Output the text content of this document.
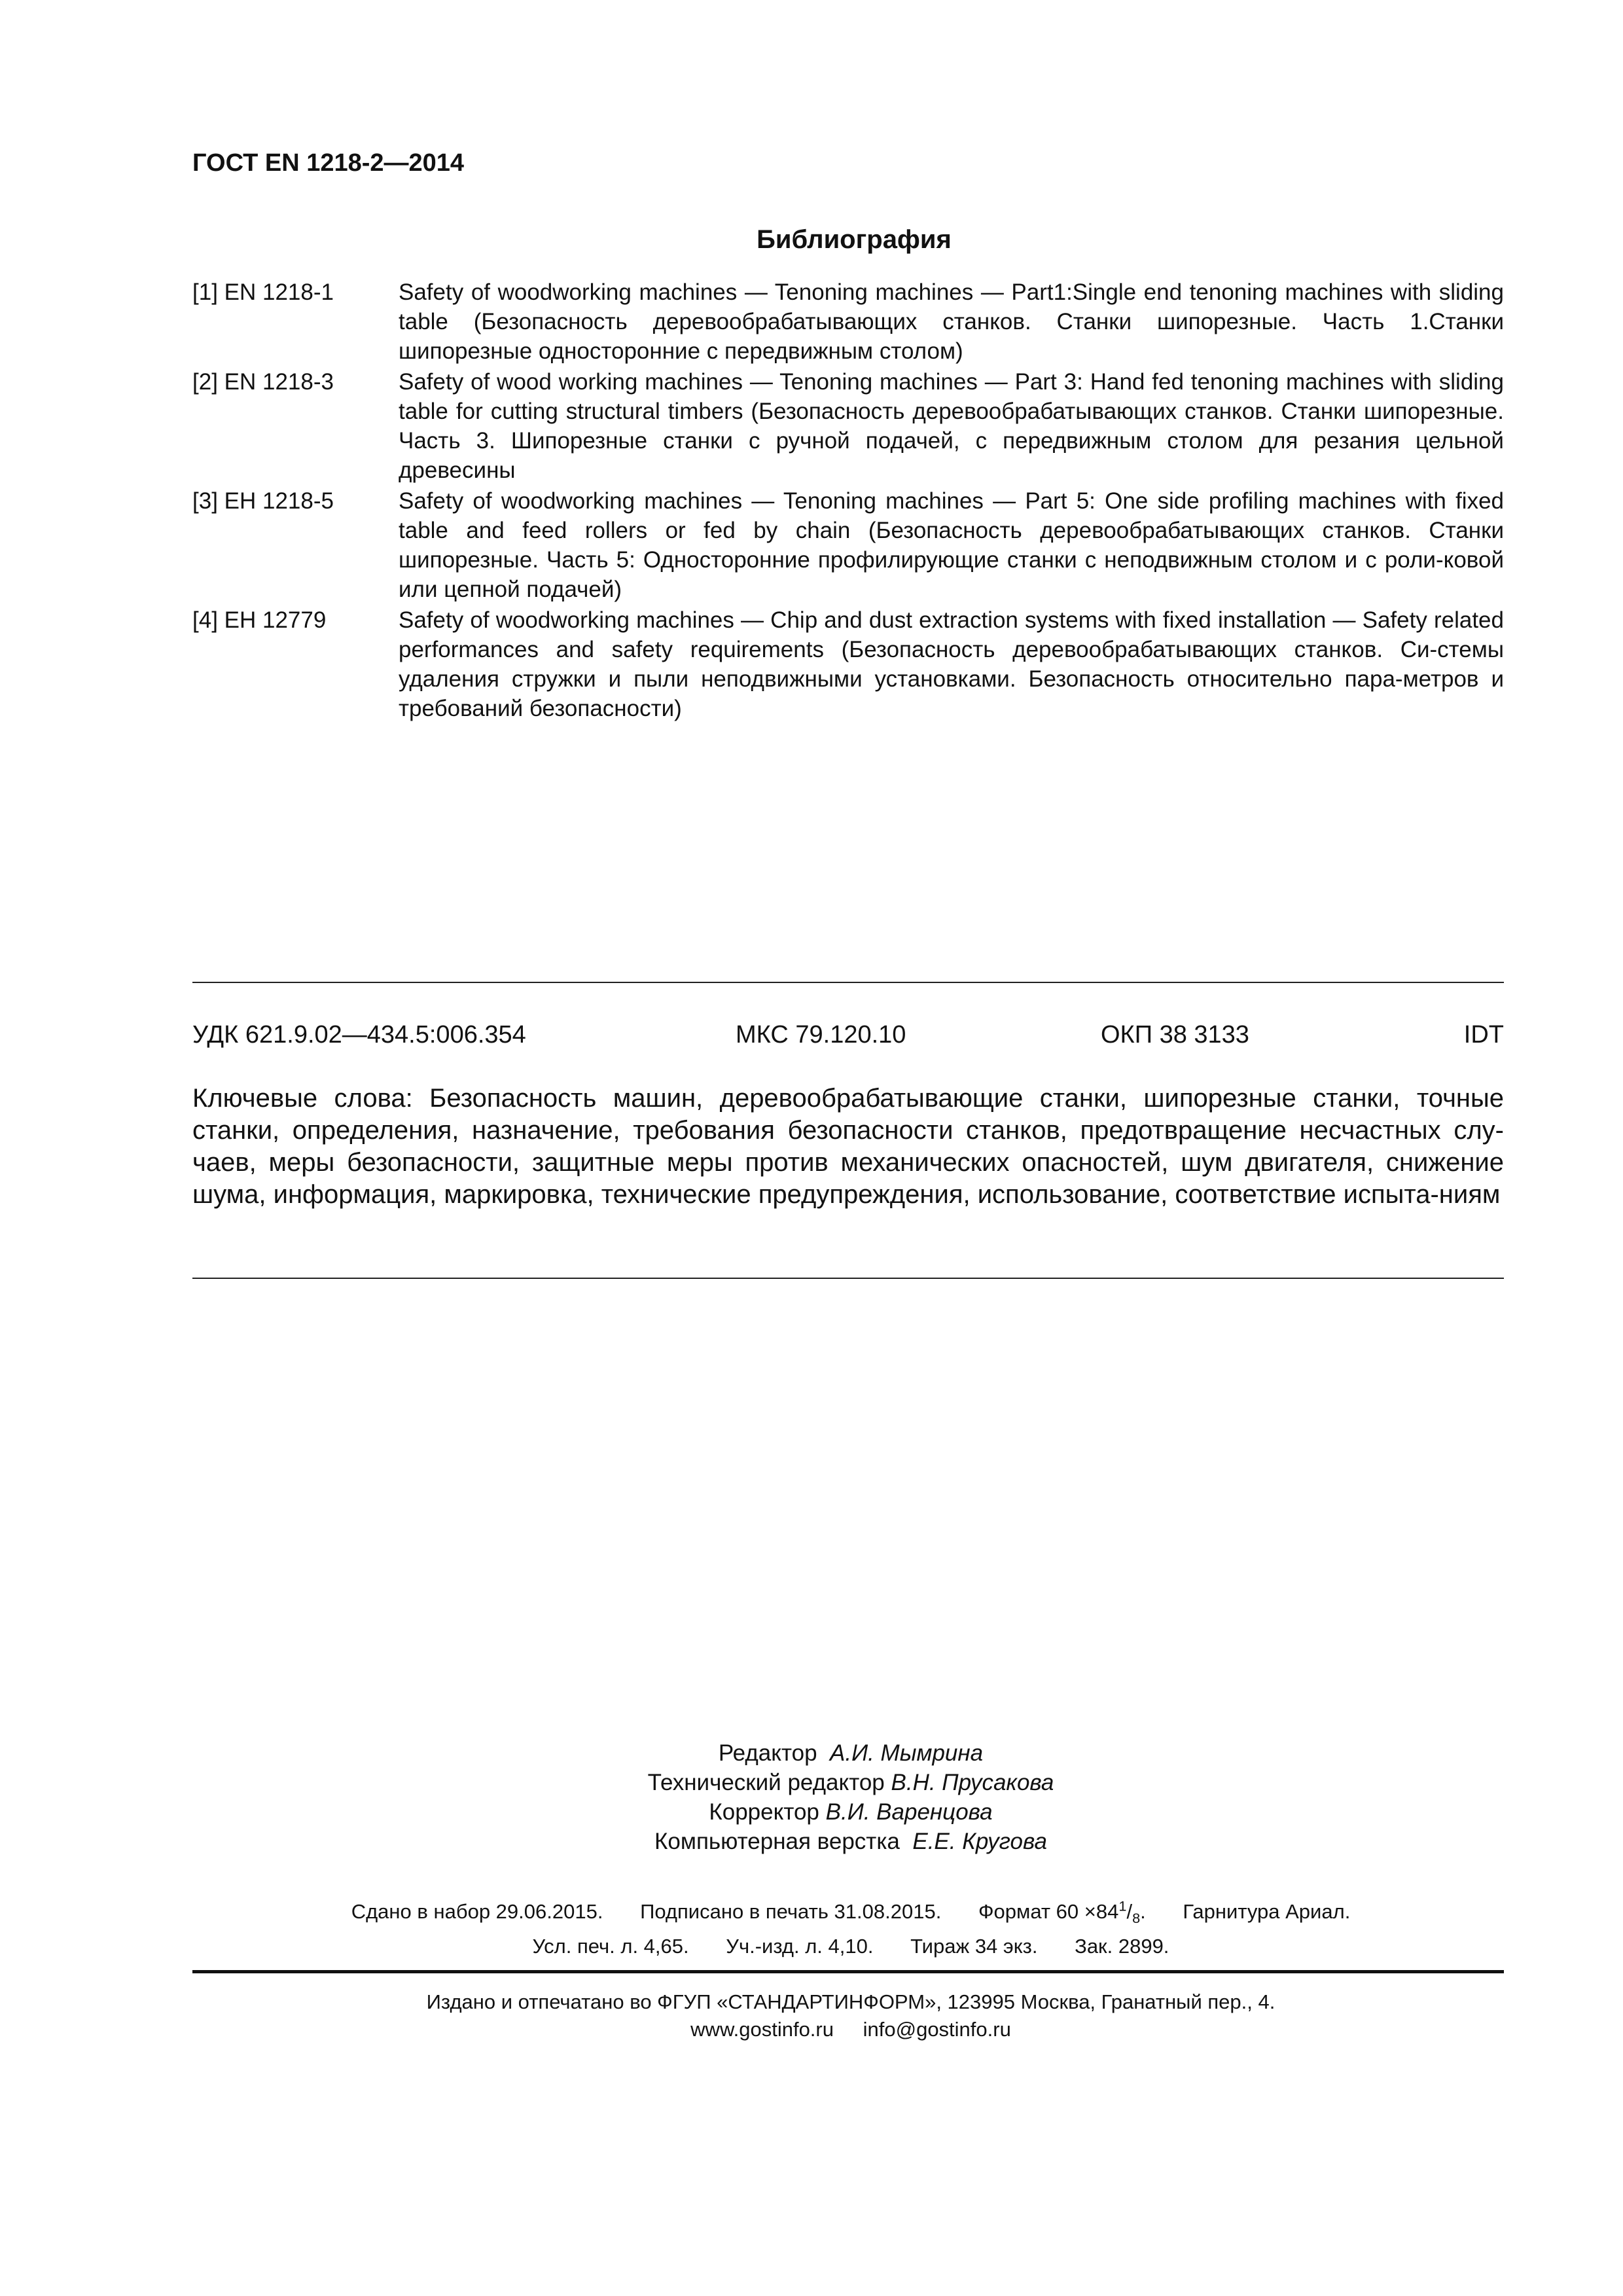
ГОСТ EN 1218-2—2014
Библиография
[1] EN 1218-1	Safety of woodworking machines — Tenoning machines — Part1:Single end tenoning machines with sliding table (Безопасность деревообрабатывающих станков. Станки шипорезные. Часть 1.Станки шипорезные односторонние с передвижным столом)
[2] EN 1218-3	Safety of wood working machines — Tenoning machines — Part 3: Hand fed tenoning machines with sliding table for cutting structural timbers (Безопасность деревообрабатывающих станков. Станки шипорезные. Часть 3. Шипорезные станки с ручной подачей, с передвижным столом для резания цельной древесины
[3] ЕН 1218-5	Safety of woodworking machines — Tenoning machines — Part 5: One side profiling machines with fixed table and feed rollers or fed by chain (Безопасность деревообрабатывающих станков. Станки шипорезные. Часть 5: Односторонние профилирующие станки с неподвижным столом и с роли-ковой или цепной подачей)
[4] ЕН 12779	Safety of woodworking machines — Chip and dust extraction systems with fixed installation — Safety related performances and safety requirements (Безопасность деревообрабатывающих станков. Си-стемы удаления стружки и пыли неподвижными установками. Безопасность относительно пара-метров и требований безопасности)
УДК 621.9.02—434.5:006.354	МКС 79.120.10	ОКП 38 3133	IDT
Ключевые слова: Безопасность машин, деревообрабатывающие станки, шипорезные станки, точные станки, определения, назначение, требования безопасности станков, предотвращение несчастных слу-чаев, меры безопасности, защитные меры против механических опасностей, шум двигателя, снижение шума, информация, маркировка, технические предупреждения, использование, соответствие испыта-ниям
Редактор А.И. Мымрина
Технический редактор В.Н. Прусакова
Корректор В.И. Варенцова
Компьютерная верстка Е.Е. Кругова
Сдано в набор 29.06.2015. Подписано в печать 31.08.2015. Формат $60 \times 84^1/_8$. Гарнитура Ариал.
Усл. печ. л. 4,65. Уч.-изд. л. 4,10. Тираж 34 экз. Зак. 2899.
Издано и отпечатано во ФГУП «СТАНДАРТИНФОРМ», 123995 Москва, Гранатный пер., 4.
www.gostinfo.ru info@gostinfo.ru
